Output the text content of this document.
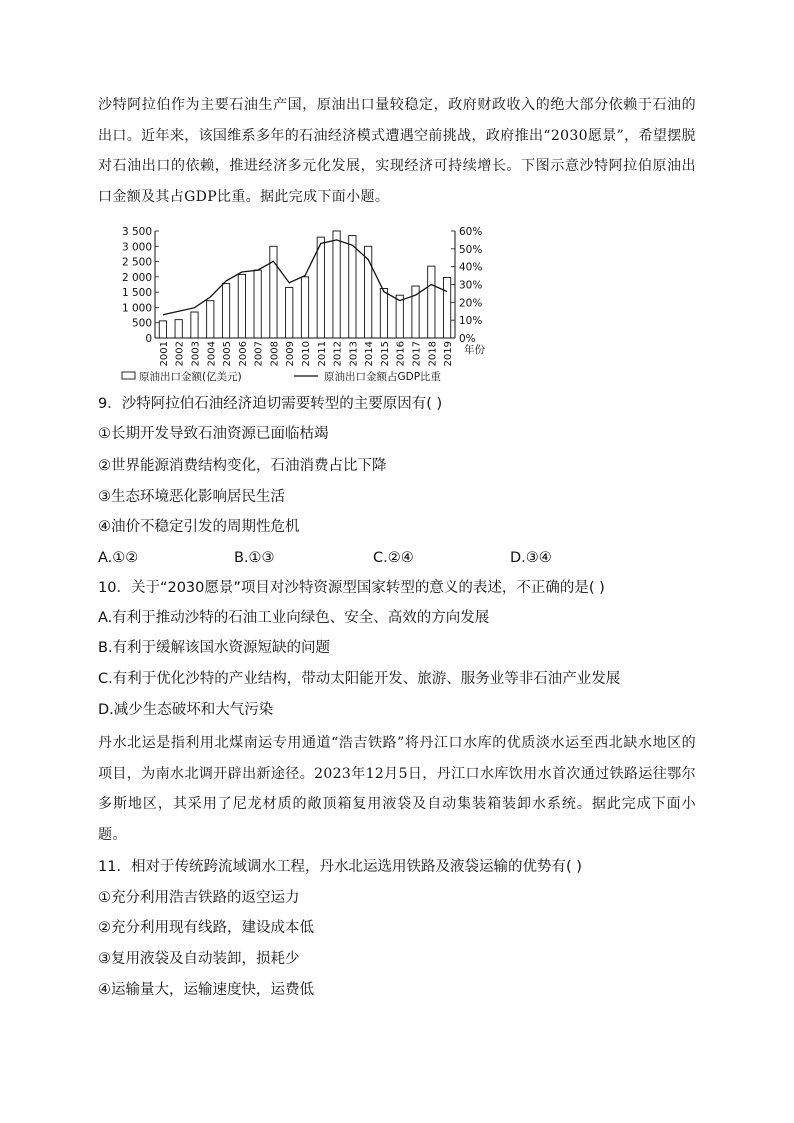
沙特阿拉伯作为主要石油生产国，原油出口量较稳定，政府财政收入的绝大部分依赖于石油的出口。近年来，该国维系多年的石油经济模式遭遇空前挑战，政府推出“2030愿景”，希望摆脱对石油出口的依赖，推进经济多元化发展，实现经济可持续增长。下图示意沙特阿拉伯原油出口金额及其占GDP比重。据此完成下面小题。
3 500
3 000
2 500
2 000
1 500
1 000
500
0
60%
50%
40%
30%
20%
10%
0%
2001 2002 2003 2004 2005 2006 2007 2008 2009 2010 2011 2012 2013 2014 2015 2016 2017 2018 2019 年份
原油出口金额(亿美元)	原油出口金额占GDP比重
9．沙特阿拉伯石油经济迫切需要转型的主要原因有( )
①长期开发导致石油资源已面临枯竭
②世界能源消费结构变化，石油消费占比下降
③生态环境恶化影响居民生活
④油价不稳定引发的周期性危机
A.①②	B.①③	C.②④	D.③④
10．关于“2030愿景”项目对沙特资源型国家转型的意义的表述，不正确的是( )
A.有利于推动沙特的石油工业向绿色、安全、高效的方向发展
B.有利于缓解该国水资源短缺的问题
C.有利于优化沙特的产业结构，带动太阳能开发、旅游、服务业等非石油产业发展
D.减少生态破坏和大气污染
丹水北运是指利用北煤南运专用通道“浩吉铁路”将丹江口水库的优质淡水运至西北缺水地区的项目，为南水北调开辟出新途径。2023年12月5日，丹江口水库饮用水首次通过铁路运往鄂尔多斯地区，其采用了尼龙材质的敞顶箱复用液袋及自动集装箱装卸水系统。据此完成下面小题。
11．相对于传统跨流域调水工程，丹水北运选用铁路及液袋运输的优势有( )
①充分利用浩吉铁路的返空运力
②充分利用现有线路，建设成本低
③复用液袋及自动装卸，损耗少
④运输量大，运输速度快，运费低
